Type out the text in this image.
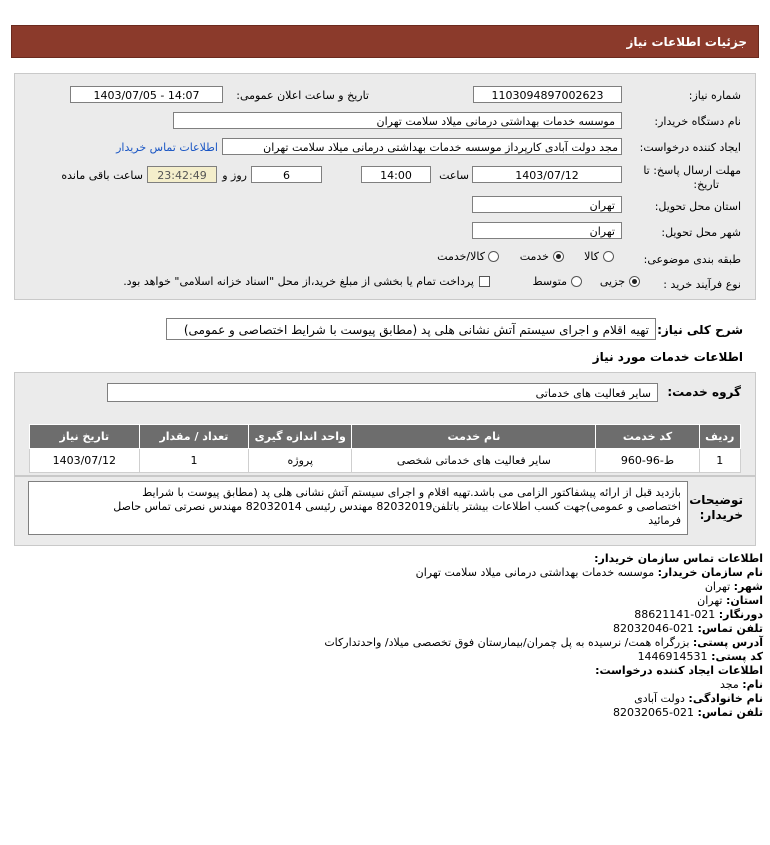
جزئیات اطلاعات نیاز
شماره نیاز:
1103094897002623
تاریخ و ساعت اعلان عمومی:
1403/07/05 - 14:07
نام دستگاه خریدار:
موسسه خدمات بهداشتی درمانی میلاد سلامت تهران
ایجاد کننده درخواست:
مجد دولت آبادی کارپرداز موسسه خدمات بهداشتی درمانی میلاد سلامت تهران
اطلاعات تماس خریدار
مهلت ارسال پاسخ: تا
تاریخ:
1403/07/12
ساعت
14:00
6
روز و
23:42:49
ساعت باقی مانده
استان محل تحویل:
تهران
شهر محل تحویل:
تهران
طبقه بندی موضوعی:
کالا
خدمت
کالا/خدمت
نوع فرآیند خرید :
جزیی
متوسط
پرداخت تمام یا بخشی از مبلغ خرید،از محل "اسناد خزانه اسلامی" خواهد بود.
شرح کلی نیاز:
تهیه اقلام و اجرای سیستم آتش نشانی هلی پد (مطابق پیوست با شرایط اختصاصی و عمومی)
اطلاعات خدمات مورد نیاز
گروه خدمت:
سایر فعالیت های خدماتی
ردیف	کد خدمت	نام خدمت	واحد اندازه گیری	تعداد / مقدار	تاریخ نیاز
1	ط-96-960	سایر فعالیت های خدماتی شخصی	پروژه	1	1403/07/12
توضیحات
خریدار:
بازدید قبل از ارائه پیشفاکتور الزامی می باشد.تهیه اقلام و اجرای سیستم آتش نشانی هلی پد (مطابق پیوست با شرایط
اختصاصی و عمومی)جهت کسب اطلاعات بیشتر باتلفن82032019 مهندس رئیسی 82032014 مهندس نصرتی تماس حاصل
فرمائید
اطلاعات تماس سازمان خریدار:
نام سازمان خریدار: موسسه خدمات بهداشتی درمانی میلاد سلامت تهران
شهر: تهران
استان: تهران
دورنگار: 021-88621141
تلفن تماس: 021-82032046
آدرس پستی: بزرگراه همت/ نرسیده به پل چمران/بیمارستان فوق تخصصی میلاد/ واحدتدارکات
کد پستی: 1446914531
اطلاعات ایجاد کننده درخواست:
نام: مجد
نام خانوادگی: دولت آبادی
تلفن تماس: 021-82032065
